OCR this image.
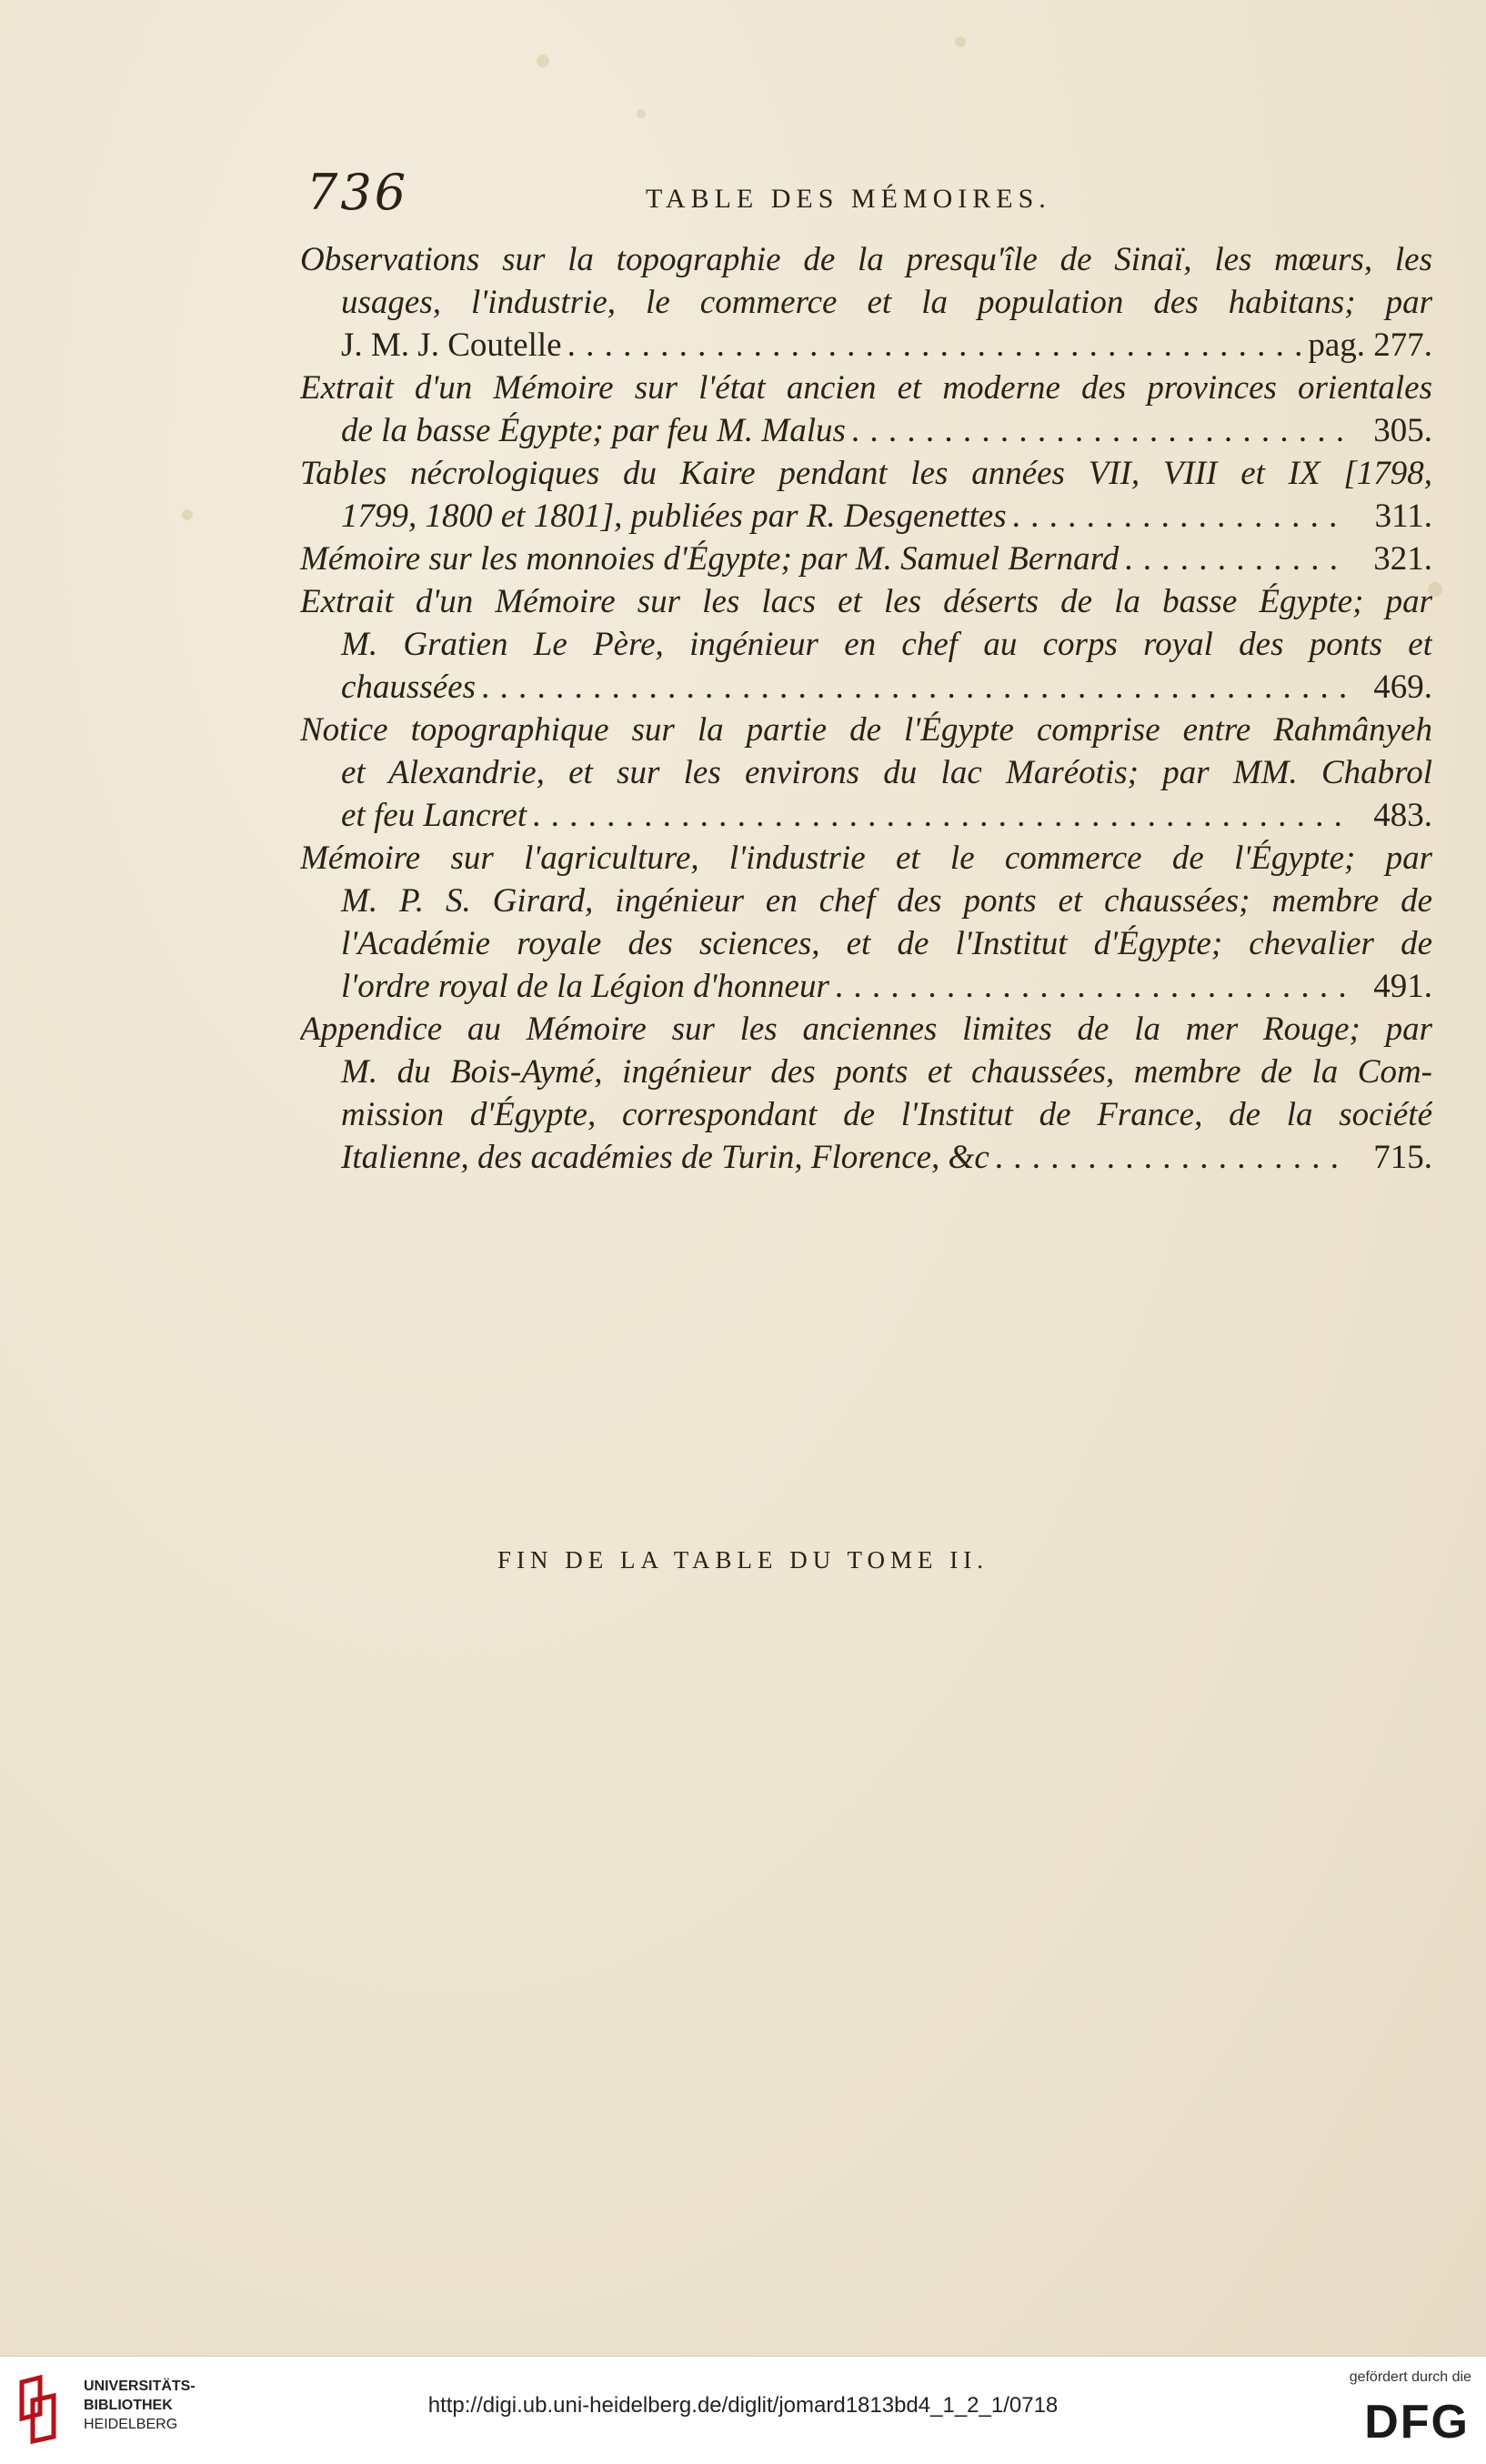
736	TABLE DES MÉMOIRES.
Observations sur la topographie de la presqu'île de Sinaï, les mœurs, les
usages, l'industrie, le commerce et la population des habitans; par
J. M. J. Coutelle . . .	pag. 277.
Extrait d'un Mémoire sur l'état ancien et moderne des provinces orientales
de la basse Égypte; par feu M. Malus . . .	305.
Tables nécrologiques du Kaire pendant les années VII, VIII et IX [1798,
1799, 1800 et 1801], publiées par R. Desgenettes . . .	311.
Mémoire sur les monnoies d'Égypte; par M. Samuel Bernard . . .	321.
Extrait d'un Mémoire sur les lacs et les déserts de la basse Égypte; par
M. Gratien Le Père, ingénieur en chef au corps royal des ponts et
chaussées . . .	469.
Notice topographique sur la partie de l'Égypte comprise entre Rahmânyeh
et Alexandrie, et sur les environs du lac Maréotis; par MM. Chabrol
et feu Lancret . . .	483.
Mémoire sur l'agriculture, l'industrie et le commerce de l'Égypte; par
M. P. S. Girard, ingénieur en chef des ponts et chaussées; membre de
l'Académie royale des sciences, et de l'Institut d'Égypte; chevalier de
l'ordre royal de la Légion d'honneur . . .	491.
Appendice au Mémoire sur les anciennes limites de la mer Rouge; par
M. du Bois-Aymé, ingénieur des ponts et chaussées, membre de la Com-
mission d'Égypte, correspondant de l'Institut de France, de la société
Italienne, des académies de Turin, Florence, &c . . .	715.
FIN DE LA TABLE DU TOME II.
UNIVERSITÄTS-
BIBLIOTHEK
HEIDELBERG
http://digi.ub.uni-heidelberg.de/diglit/jomard1813bd4_1_2_1/0718
gefördert durch die
DFG
